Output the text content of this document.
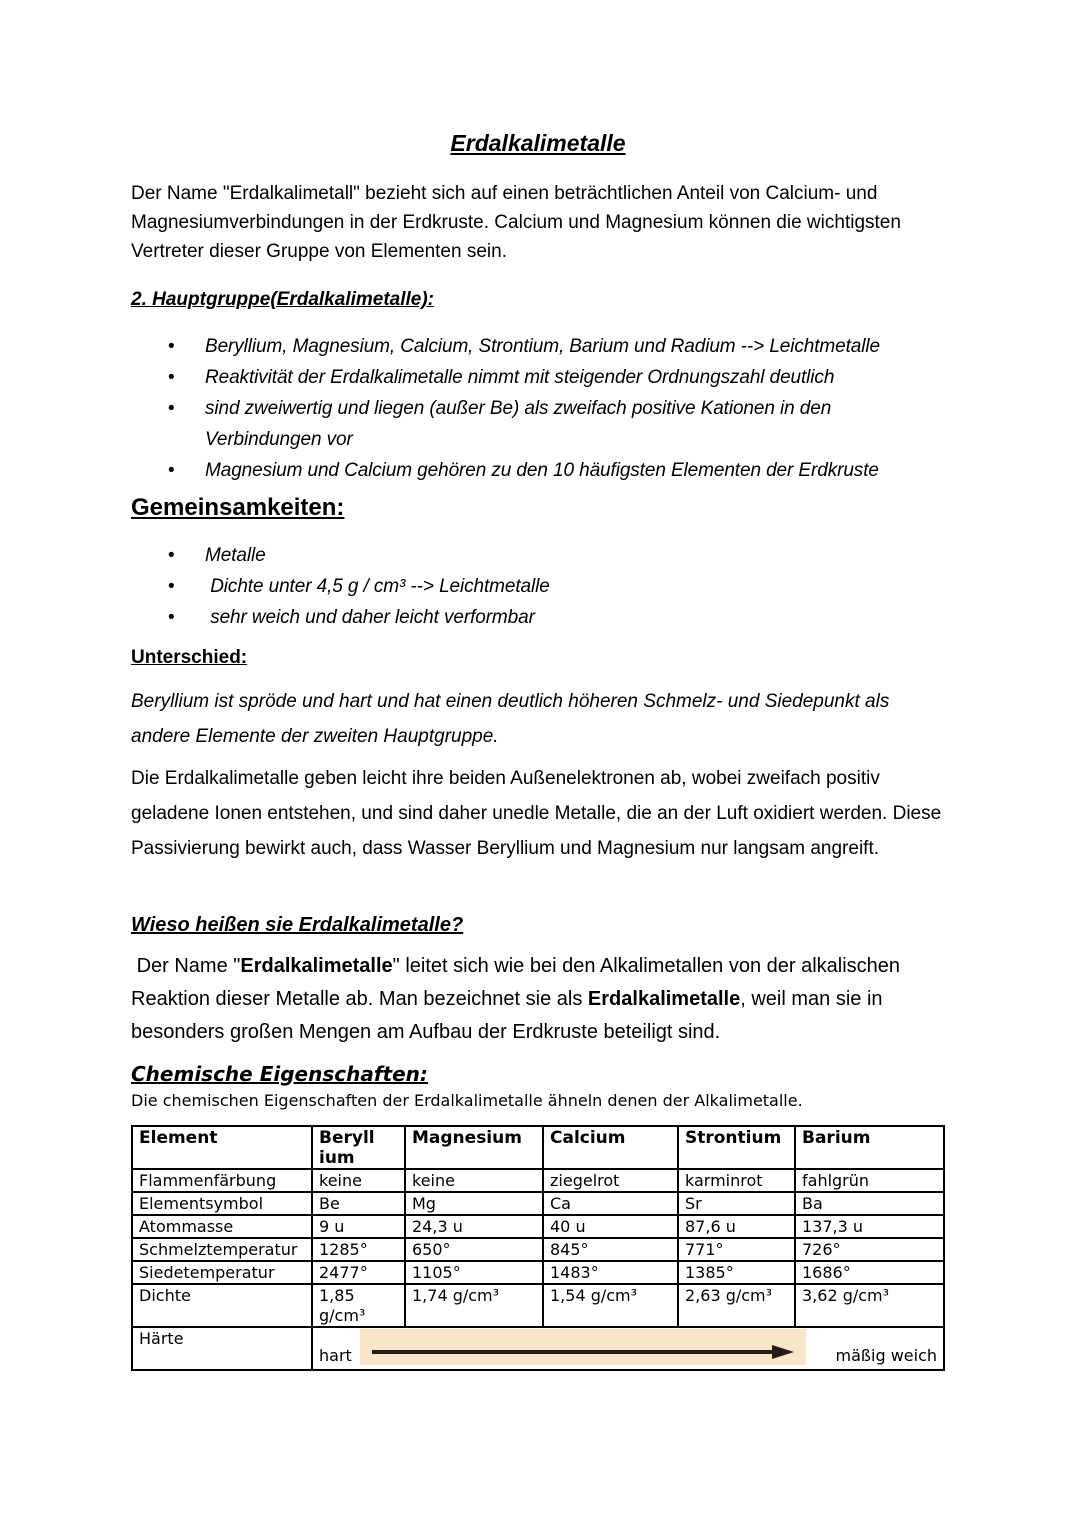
Erdalkalimetalle

Der Name "Erdalkalimetall" bezieht sich auf einen beträchtlichen Anteil von Calcium- und Magnesiumverbindungen in der Erdkruste. Calcium und Magnesium können die wichtigsten Vertreter dieser Gruppe von Elementen sein.

2. Hauptgruppe(Erdalkalimetalle):
• Beryllium, Magnesium, Calcium, Strontium, Barium und Radium --> Leichtmetalle
• Reaktivität der Erdalkalimetalle nimmt mit steigender Ordnungszahl deutlich
• sind zweiwertig und liegen (außer Be) als zweifach positive Kationen in den Verbindungen vor
• Magnesium und Calcium gehören zu den 10 häufigsten Elementen der Erdkruste
Gemeinsamkeiten:
• Metalle
•  Dichte unter 4,5 g / cm³ --> Leichtmetalle
•  sehr weich und daher leicht verformbar
Unterschied:

Beryllium ist spröde und hart und hat einen deutlich höheren Schmelz- und Siedepunkt als andere Elemente der zweiten Hauptgruppe.

Die Erdalkalimetalle geben leicht ihre beiden Außenelektronen ab, wobei zweifach positiv geladene Ionen entstehen, und sind daher unedle Metalle, die an der Luft oxidiert werden. Diese Passivierung bewirkt auch, dass Wasser Beryllium und Magnesium nur langsam angreift.

Wieso heißen sie Erdalkalimetalle?

Der Name "Erdalkalimetalle" leitet sich wie bei den Alkalimetallen von der alkalischen Reaktion dieser Metalle ab. Man bezeichnet sie als Erdalkalimetalle, weil man sie in besonders großen Mengen am Aufbau der Erdkruste beteiligt sind.

Chemische Eigenschaften:

Die chemischen Eigenschaften der Erdalkalimetalle ähneln denen der Alkalimetalle.

Element	Beryllium	Magnesium	Calcium	Strontium	Barium
Flammenfärbung	keine	keine	ziegelrot	karminrot	fahlgrün
Elementsymbol	Be	Mg	Ca	Sr	Ba
Atommasse	9 u	24,3 u	40 u	87,6 u	137,3 u
Schmelztemperatur	1285°	650°	845°	771°	726°
Siedetemperatur	2477°	1105°	1483°	1385°	1686°
Dichte	1,85 g/cm³	1,74 g/cm³	1,54 g/cm³	2,63 g/cm³	3,62 g/cm³
Härte	hart mäßig weich				
